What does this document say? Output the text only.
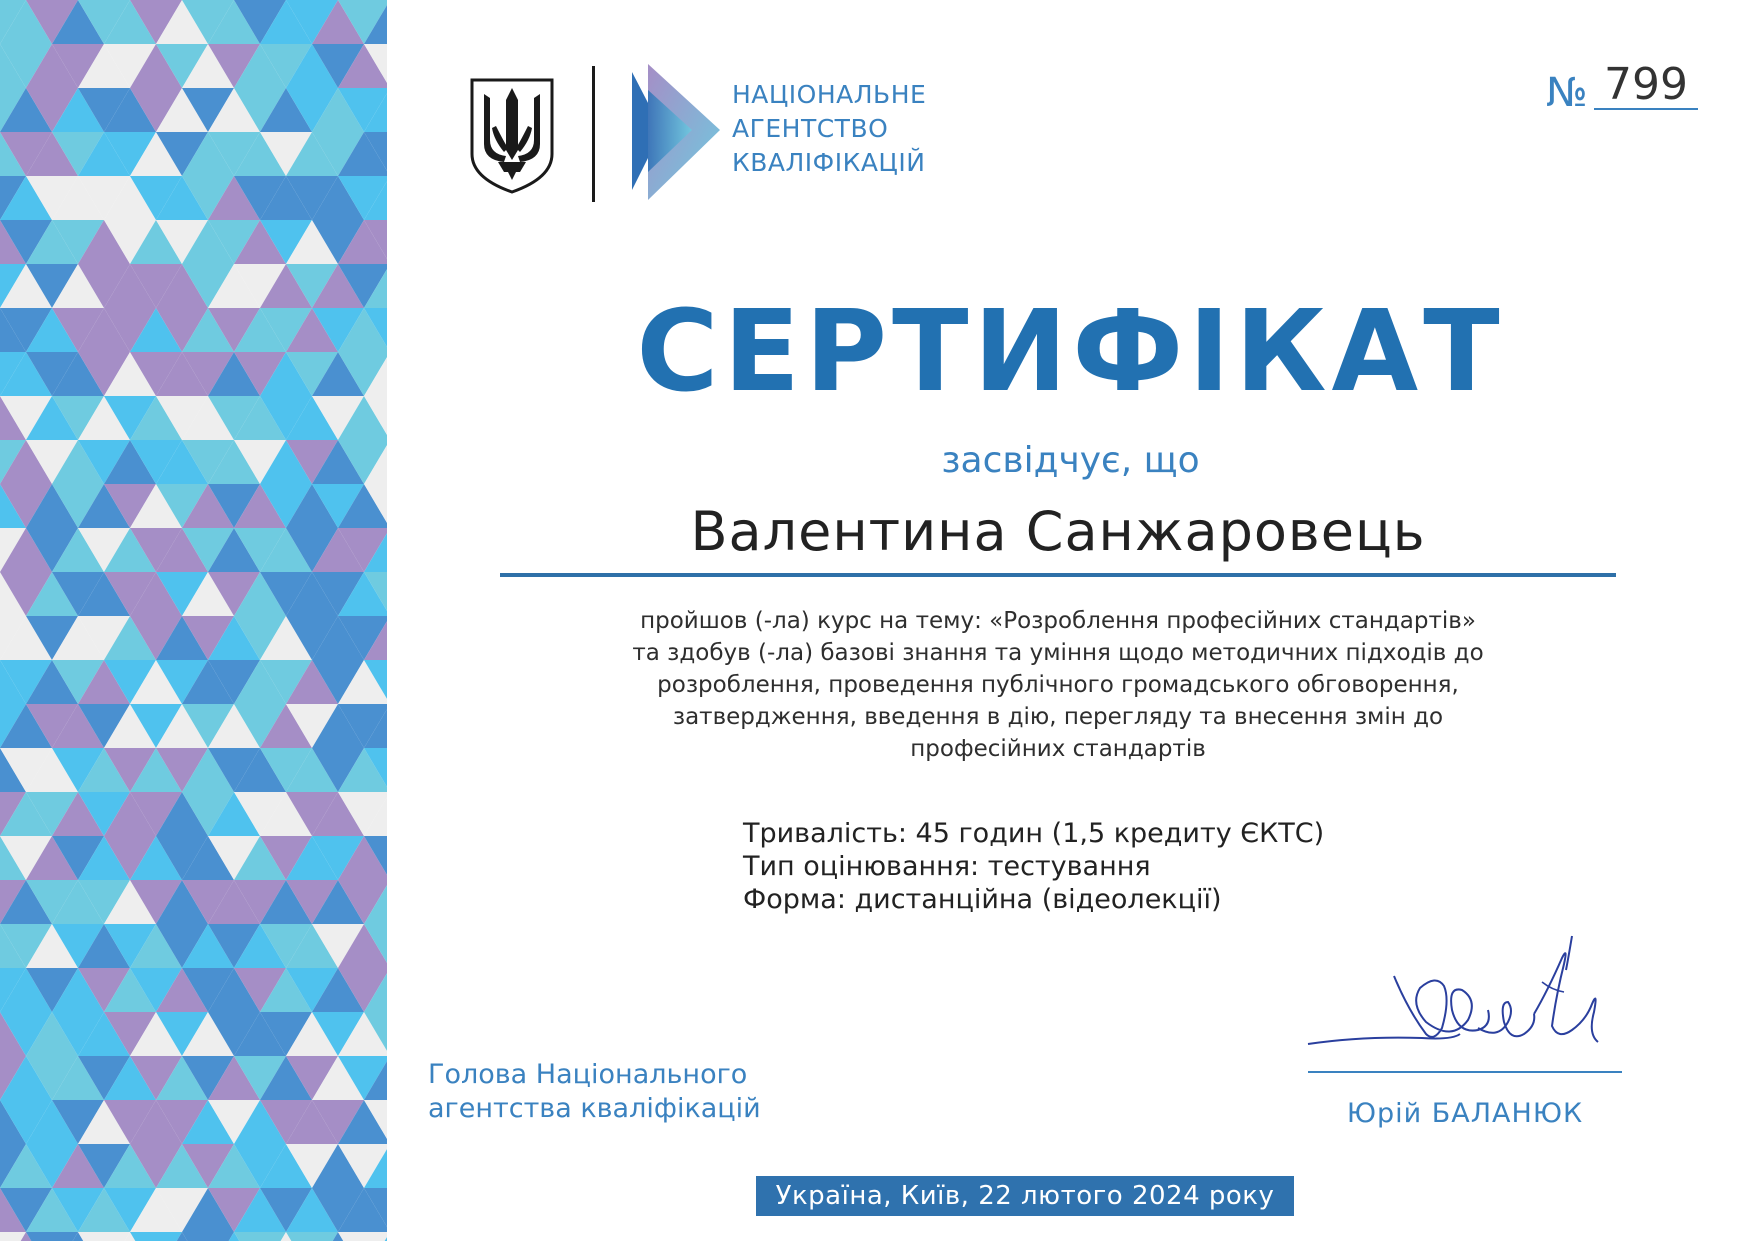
НАЦІОНАЛЬНЕ
АГЕНТСТВО
КВАЛІФІКАЦІЙ
№ 799
СЕРТИФІКАТ
засвідчує, що
Валентина Санжаровець
пройшов (-ла) курс на тему: «Розроблення професійних стандартів»
та здобув (-ла) базові знання та уміння щодо методичних підходів до
розроблення, проведення публічного громадського обговорення,
затвердження, введення в дію, перегляду та внесення змін до
професійних стандартів
Тривалість: 45 годин (1,5 кредиту ЄКТС)
Тип оцінювання: тестування
Форма: дистанційна (відеолекції)
Голова Національного
агентства кваліфікацій	Юрій БАЛАНЮК
Україна, Київ, 22 лютого 2024 року
